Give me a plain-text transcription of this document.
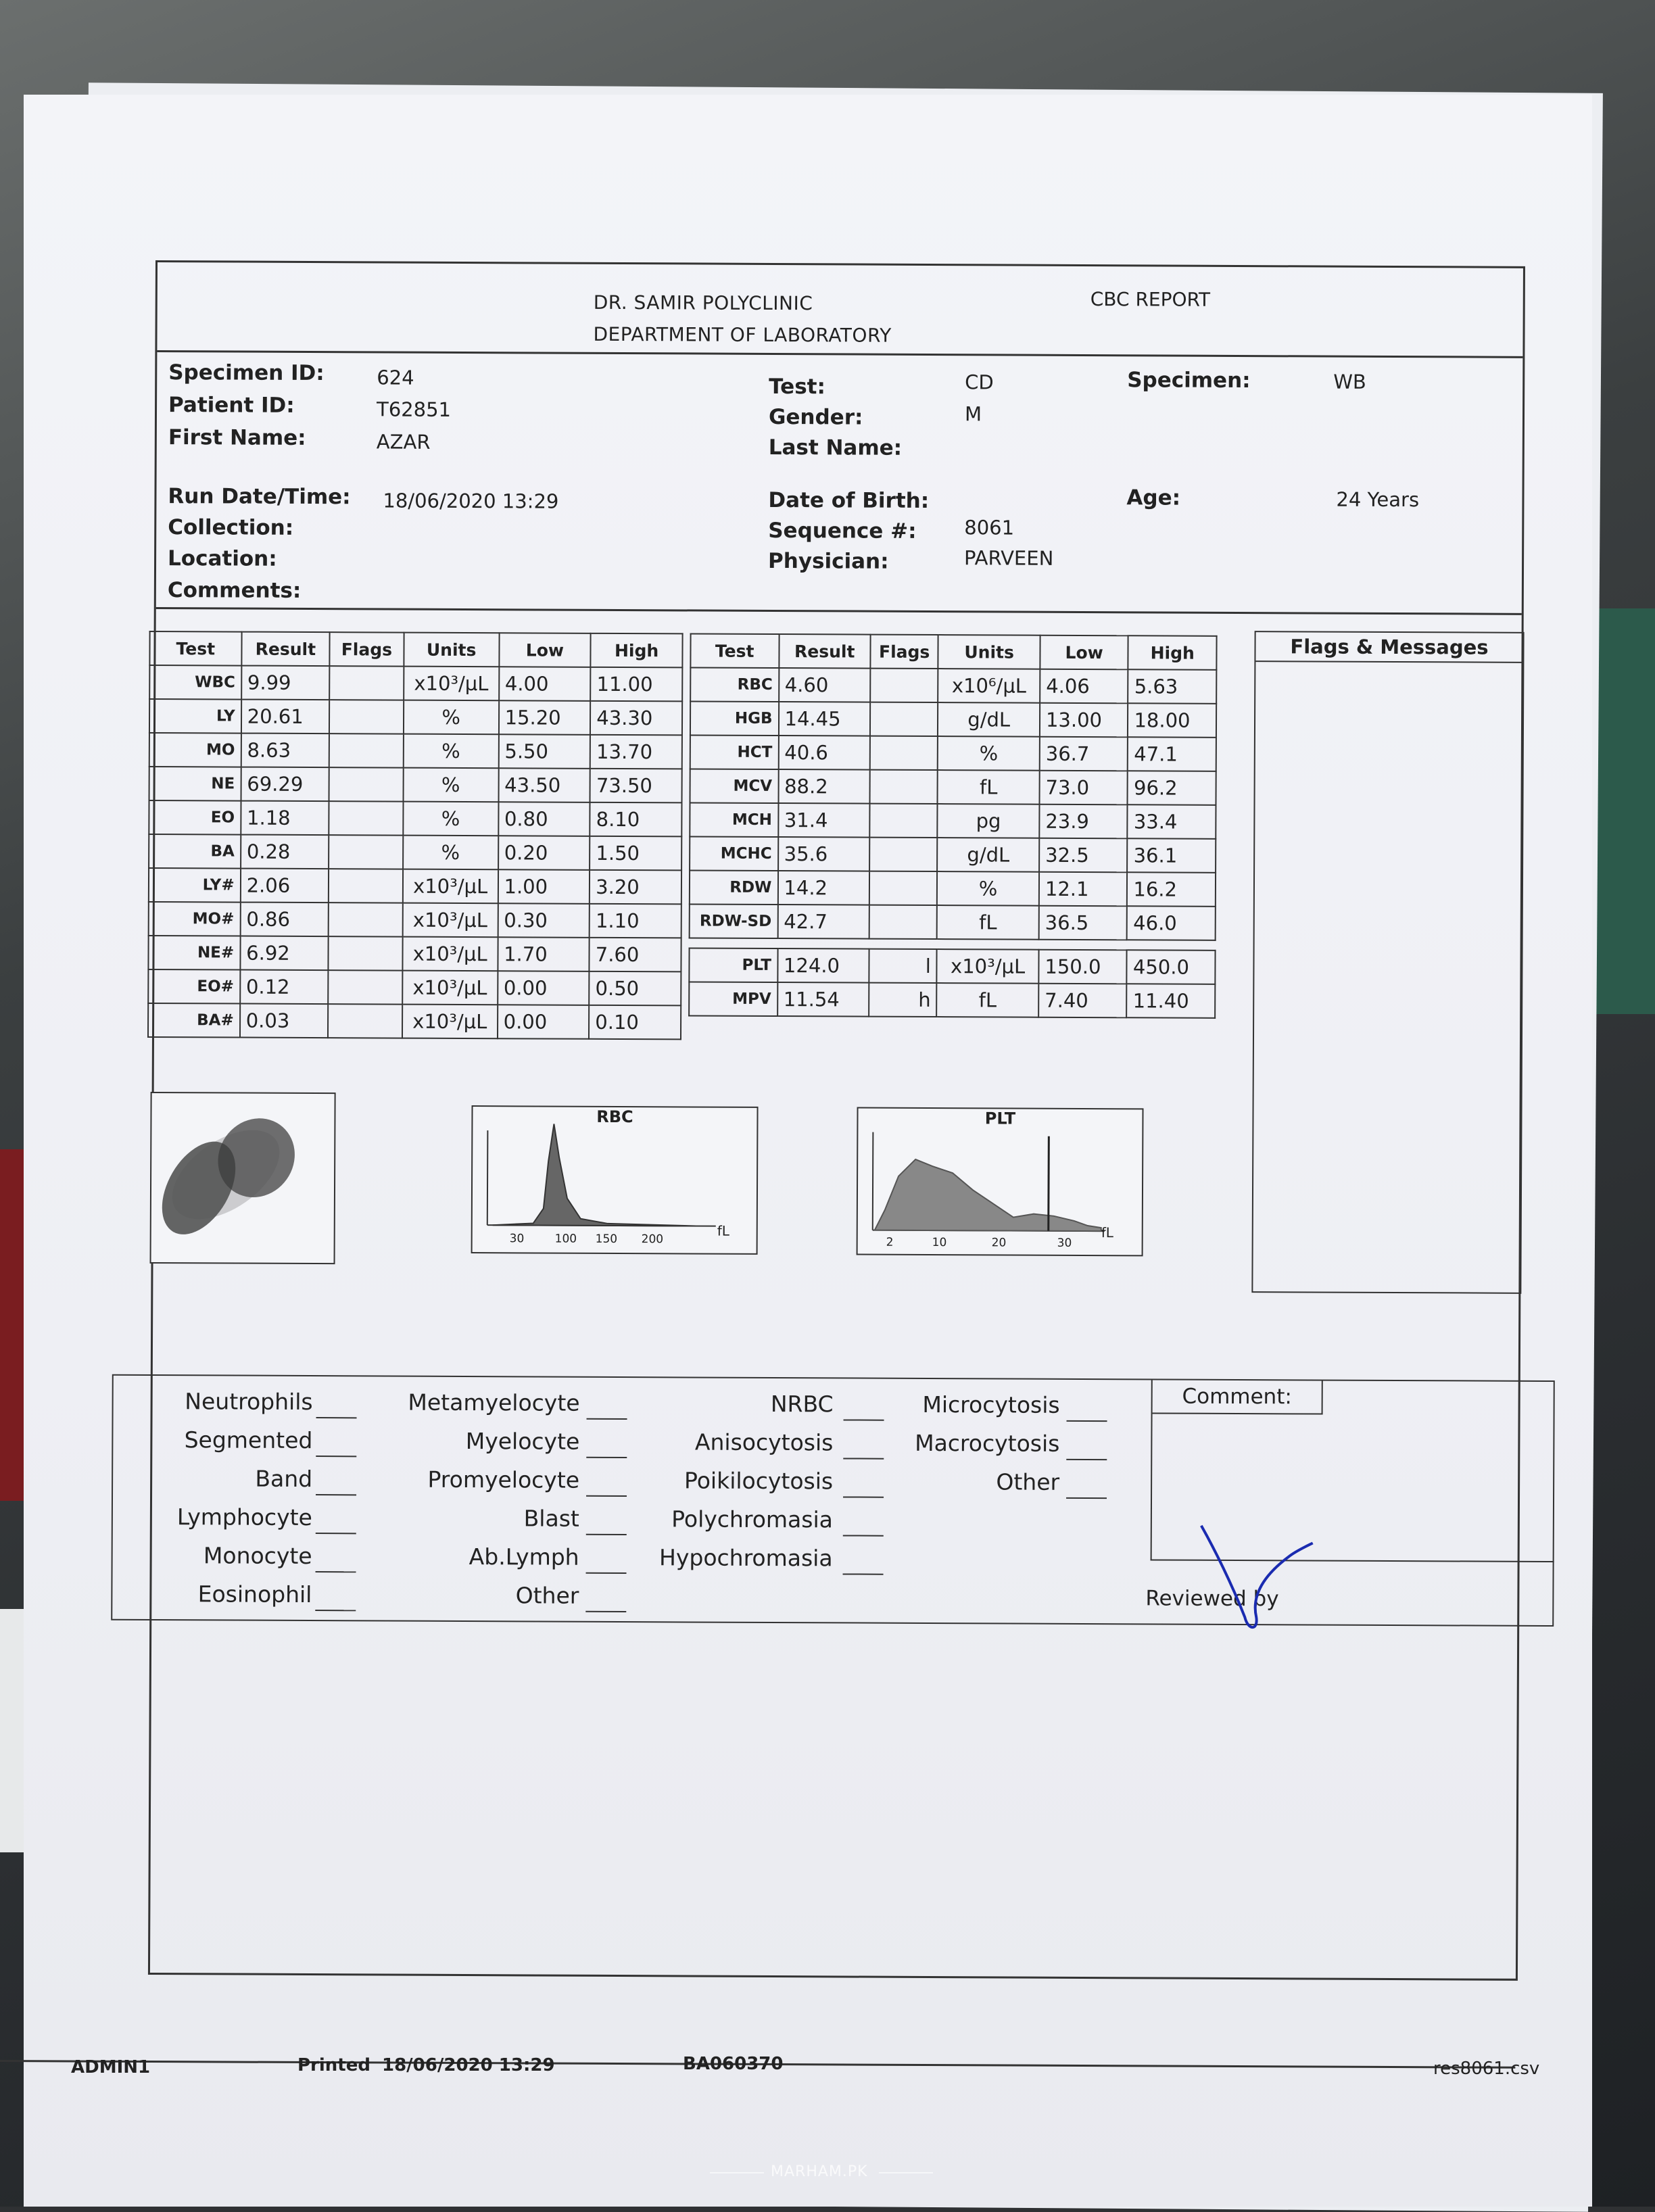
DR. SAMIR POLYCLINIC
DEPARTMENT OF LABORATORY
CBC REPORT
Specimen ID:	624
Patient ID:	T62851
First Name:	AZAR
Test:	CD
Gender:	M
Last Name:
Specimen:	WB
Run Date/Time: 18/06/2020 13:29
Collection:
Location:
Comments:
Date of Birth:
Sequence #: 8061
Physician:	PARVEEN
Age:	24 Years
Test	Result	Flags	Units	Low	High
WBC	9.99		x10³/µL	4.00	11.00
LY	20.61		%	15.20	43.30
MO	8.63		%	5.50	13.70
NE	69.29		%	43.50	73.50
EO	1.18		%	0.80	8.10
BA	0.28		%	0.20	1.50
LY#	2.06		x10³/µL	1.00	3.20
MO#	0.86		x10³/µL	0.30	1.10
NE#	6.92		x10³/µL	1.70	7.60
EO#	0.12		x10³/µL	0.00	0.50
BA#	0.03		x10³/µL	0.00	0.10
Test	Result	Flags	Units	Low	High
RBC	4.60		x10⁶/µL	4.06	5.63
HGB	14.45		g/dL	13.00	18.00
HCT	40.6		%	36.7	47.1
MCV	88.2		fL	73.0	96.2
MCH	31.4		pg	23.9	33.4
MCHC	35.6		g/dL	32.5	36.1
RDW	14.2		%	12.1	16.2
RDW-SD	42.7		fL	36.5	46.0
PLT	124.0	l	x10³/µL	150.0	450.0
MPV	11.54	h	fL	7.40	11.40
Flags & Messages
RBC
30	100 150 200
fL
PLT
2	10	20	30
fL
Neutrophils
Segmented
Band
Lymphocyte
Monocyte
Eosinophil
Metamyelocyte
Myelocyte
Promyelocyte
Blast
Ab.Lymph
Other
NRBC
Anisocytosis
Poikilocytosis
Polychromasia
Hypochromasia
Microcytosis
Macrocytosis
Other
Comment:
Reviewed by
ADMIN1	Printed 18/06/2020 13:29	BA060370	res8061.csv
MARHAM.PK
